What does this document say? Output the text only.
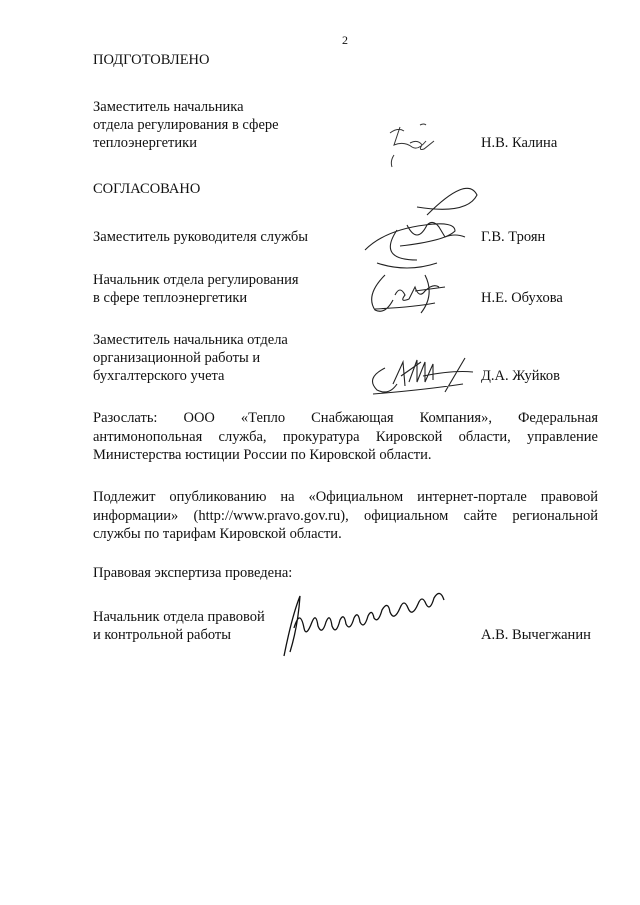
2
ПОДГОТОВЛЕНО
Заместитель начальника
отдела регулирования в сфере
теплоэнергетики	Н.В. Калина
СОГЛАСОВАНО
Заместитель руководителя службы	Г.В. Троян
Начальник отдела регулирования
в сфере теплоэнергетики	Н.Е. Обухова
Заместитель начальника отдела
организационной работы и
бухгалтерского учета	Д.А. Жуйков
Разослать: ООО «Тепло Снабжающая Компания», Федеральная антимонопольная служба, прокуратура Кировской области, управление Министерства юстиции России по Кировской области.
Подлежит опубликованию на «Официальном интернет-портале правовой информации» (http://www.pravo.gov.ru), официальном сайте региональной службы по тарифам Кировской области.
Правовая экспертиза проведена:
Начальник отдела правовой
и контрольной работы	А.В. Вычегжанин
